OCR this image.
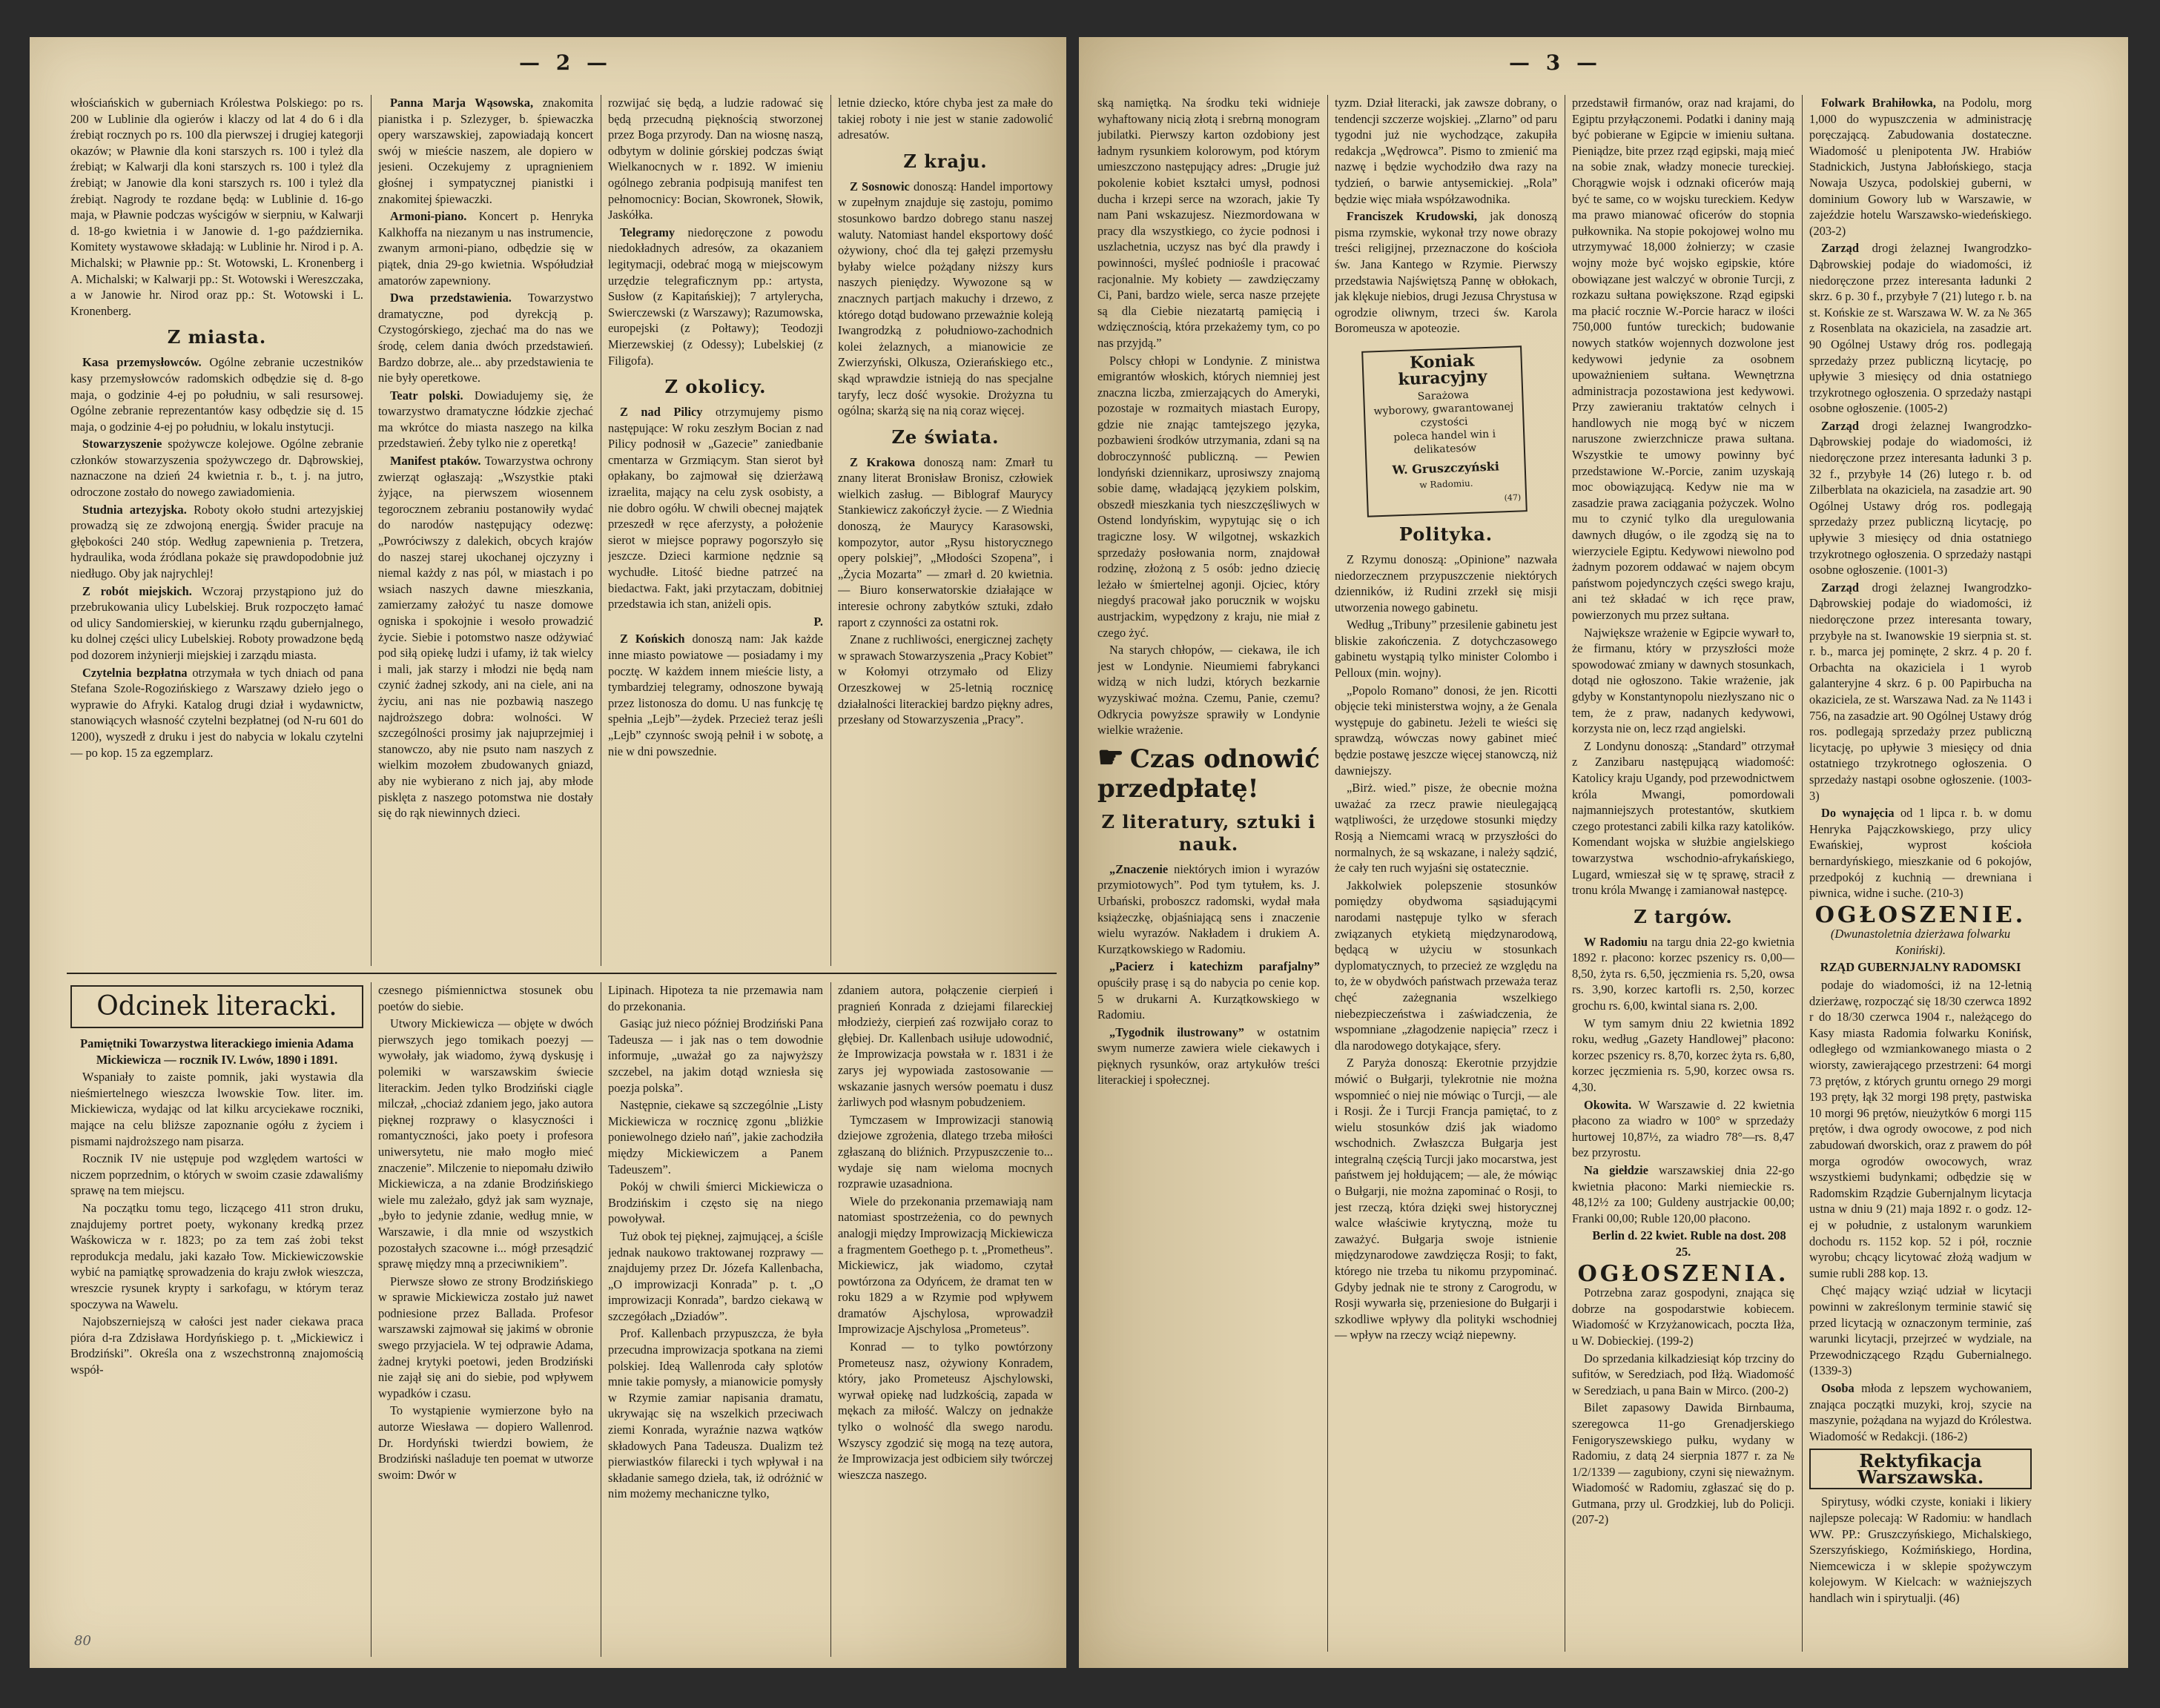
— 2 —

włościańskich w guberniach Królestwa Polskiego: po rs. 200 w Lublinie dla ogierów i klaczy od lat 4 do 6 i dla źrebiąt rocznych po rs. 100 dla pierwszej i drugiej kategorji okazów; w Pławnie dla koni starszych rs. 100 i tyleż dla źrebiąt; w Kalwarji dla koni starszych rs. 100 i tyleż dla źrebiąt; w Janowie dla koni starszych rs. 100 i tyleż dla źrebiąt. Nagrody te rozdane będą: w Lublinie d. 16-go maja, w Pławnie podczas wyścigów w sierpniu, w Kalwarji d. 18-go kwietnia i w Janowie d. 1-go października. Komitety wystawowe składają: w Lublinie hr. Nirod i p. A. Michalski; w Pławnie pp.: St. Wotowski, L. Kronenberg i A. Michalski; w Kalwarji pp.: St. Wotowski i Wereszczaka, a w Janowie hr. Nirod oraz pp.: St. Wotowski i L. Kronenberg.

Z miasta.

Kasa przemysłowców. Ogólne zebranie uczestników kasy przemysłowców radomskich odbędzie się d. 8-go maja, o godzinie 4-ej po południu, w sali resursowej. Ogólne zebranie reprezentantów kasy odbędzie się d. 15 maja, o godzinie 4-ej po południu, w lokalu instytucji.

Stowarzyszenie spożywcze kolejowe. Ogólne zebranie członków stowarzyszenia spożywczego dr. Dąbrowskiej, naznaczone na dzień 24 kwietnia r. b., t. j. na jutro, odroczone zostało do nowego zawiadomienia.

Studnia artezyjska. Roboty około studni artezyjskiej prowadzą się ze zdwojoną energją. Świder pracuje na głębokości 240 stóp. Według zapewnienia p. Tretzera, hydraulika, woda źródlana pokaże się prawdopodobnie już niedługo. Oby jak najrychlej!

Z robót miejskich. Wczoraj przystąpiono już do przebrukowania ulicy Lubelskiej. Bruk rozpoczęto łamać od ulicy Sandomierskiej, w kierunku rządu gubernjalnego, ku dolnej części ulicy Lubelskiej. Roboty prowadzone będą pod dozorem inżynierji miejskiej i zarządu miasta.

Czytelnia bezpłatna otrzymała w tych dniach od pana Stefana Szole-Rogozińskiego z Warszawy dzieło jego o wyprawie do Afryki. Katalog drugi dział i wydawnictw, stanowiących własność czytelni bezpłatnej (od N-ru 601 do 1200), wyszedł z druku i jest do nabycia w lokalu czytelni — po kop. 15 za egzemplarz.

Panna Marja Wąsowska, znakomita pianistka i p. Szlezyger, b. śpiewaczka opery warszawskiej, zapowiadają koncert swój w mieście naszem, ale dopiero w jesieni. Oczekujemy z upragnieniem głośnej i sympatycznej pianistki i znakomitej śpiewaczki.

Armoni-piano. Koncert p. Henryka Kalkhoffa na niezanym u nas instrumencie, zwanym armoni-piano, odbędzie się w piątek, dnia 29-go kwietnia. Współudział amatorów zapewniony.

Dwa przedstawienia. Towarzystwo dramatyczne, pod dyrekcją p. Czystogórskiego, zjechać ma do nas we środę, celem dania dwóch przedstawień. Bardzo dobrze, ale... aby przedstawienia te nie były operetkowe.

Teatr polski. Dowiadujemy się, że towarzystwo dramatyczne łódzkie zjechać ma wkrótce do miasta naszego na kilka przedstawień. Żeby tylko nie z operetką!

Manifest ptaków. Towarzystwa ochrony zwierząt ogłaszają: „Wszystkie ptaki żyjące, na pierwszem wiosennem tegorocznem zebraniu postanowiły wydać do narodów następujący odezwę: „Powróciwszy z dalekich, obcych krajów do naszej starej ukochanej ojczyzny i niemal każdy z nas pól, w miastach i po wsiach naszych dawne mieszkania, zamierzamy założyć tu nasze domowe ogniska i spokojnie i wesoło prowadzić życie. Siebie i potomstwo nasze odżywiać pod siłą opiekę ludzi i ufamy, iż tak wielcy i mali, jak starzy i młodzi nie będą nam czynić żadnej szkody, ani na ciele, ani na życiu, ani nas nie pozbawią naszego najdroższego dobra: wolności. W szczególności prosimy jak najuprzejmiej i stanowczo, aby nie psuto nam naszych z wielkim mozołem zbudowanych gniazd, aby nie wybierano z nich jaj, aby młode pisklęta z naszego potomstwa nie dostały się do rąk niewinnych dzieci.

rozwijać się będą, a ludzie radować się będą przecudną pięknością stworzonej przez Boga przyrody. Dan na wiosnę naszą, odbytym w dolinie górskiej podczas świąt Wielkanocnych w r. 1892. W imieniu ogólnego zebrania podpisują manifest ten pełnomocnicy: Bocian, Skowronek, Słowik, Jaskółka.

Telegramy niedoręczone z powodu niedokładnych adresów, za okazaniem legitymacji, odebrać mogą w miejscowym urzędzie telegraficznym pp.: artysta, Susłow (z Kapitańskiej); 7 artylerycha, Swierczewski (z Warszawy); Razumowska, europejski (z Połtawy); Teodozji Mierzewskiej (z Odessy); Lubelskiej (z Filigofa).

Z okolicy.

Z nad Pilicy otrzymujemy pismo następujące: W roku zeszłym Bocian z nad Pilicy podnosił w „Gazecie” zaniedbanie cmentarza w Grzmiącym. Stan sierot był opłakany, bo zajmował się dzierżawą izraelita, mający na celu zysk osobisty, a nie dobro ogółu. W chwili obecnej majątek przeszedł w ręce aferzysty, a położenie sierot w miejsce poprawy pogorszyło się jeszcze. Dzieci karmione nędznie są wychudłe. Litość biedne patrzeć na biedactwa. Fakt, jaki przytaczam, dobitniej przedstawia ich stan, aniżeli opis.

P.

Z Końskich donoszą nam: Jak każde inne miasto powiatowe — posiadamy i my pocztę. W każdem innem mieście listy, a tymbardziej telegramy, odnoszone bywają przez listonosza do domu. U nas funkcję tę spełnia „Lejb”—żydek. Przecież teraz jeśli „Lejb” czynnośc swoją pełnił i w sobotę, a nie w dni powszednie.

letnie dziecko, które chyba jest za małe do takiej roboty i nie jest w stanie zadowolić adresatów.

Z kraju.

Z Sosnowic donoszą: Handel importowy w zupełnym znajduje się zastoju, pomimo stosunkowo bardzo dobrego stanu naszej waluty. Natomiast handel eksportowy dość ożywiony, choć dla tej gałęzi przemysłu byłaby wielce pożądany niższy kurs naszych pieniędzy. Wywozone są w znacznych partjach makuchy i drzewo, z którego dotąd budowano przeważnie koleją Iwangrodzką z południowo-zachodnich kolei żelaznych, a mianowicie ze Zwierzyński, Olkusza, Ozierańskiego etc., skąd wprawdzie istnieją do nas specjalne taryfy, lecz dość wysokie. Drożyzna tu ogólna; skarżą się na nią coraz więcej.

Ze świata.

Z Krakowa donoszą nam: Zmarł tu znany literat Bronisław Bronisz, człowiek wielkich zasług. — Biblograf Maurycy Stankiewicz zakończył życie. — Z Wiednia donoszą, że Maurycy Karasowski, kompozytor, autor „Rysu historycznego opery polskiej”, „Młodości Szopena”, i „Życia Mozarta” — zmarł d. 20 kwietnia. — Biuro konserwatorskie działające w interesie ochrony zabytków sztuki, zdało raport z czynności za ostatni rok.

Znane z ruchliwości, energicznej zachęty w sprawach Stowarzyszenia „Pracy Kobiet” w Kołomyi otrzymało od Elizy Orzeszkowej w 25-letnią rocznicę działalności literackiej bardzo piękny adres, przesłany od Stowarzyszenia „Pracy”.

Odcinek literacki.

Pamiętniki Towarzystwa literackiego imienia Adama Mickiewicza — rocznik IV. Lwów, 1890 i 1891.

Wspaniały to zaiste pomnik, jaki wystawia dla nieśmiertelnego wieszcza lwowskie Tow. liter. im. Mickiewicza, wydając od lat kilku arcyciekawe roczniki, mające na celu bliższe zapoznanie ogółu z życiem i pismami najdroższego nam pisarza.

Rocznik IV nie ustępuje pod względem wartości w niczem poprzednim, o których w swoim czasie zdawaliśmy sprawę na tem miejscu.

Na początku tomu tego, liczącego 411 stron druku, znajdujemy portret poety, wykonany kredką przez Waśkowicza w r. 1823; po za tem zaś żobi tekst reprodukcja medalu, jaki kazało Tow. Mickiewiczowskie wybić na pamiątkę sprowadzenia do kraju zwłok wieszcza, wreszcie rysunek krypty i sarkofagu, w którym teraz spoczywa na Wawelu.

Najobszerniejszą w całości jest nader ciekawa praca pióra d-ra Zdzisława Hordyńskiego p. t. „Mickiewicz i Brodziński”. Określa ona z wszechstronną znajomością współ-

czesnego piśmiennictwa stosunek obu poetów do siebie.

Utwory Mickiewicza — objęte w dwóch pierwszych jego tomikach poezyj — wywołały, jak wiadomo, żywą dyskusję i polemiki w warszawskim świecie literackim. Jeden tylko Brodziński ciągle milczał, „chociaż zdaniem jego, jako autora pięknej rozprawy o klasyczności i romantyczności, jako poety i profesora uniwersytetu, nie mało mogło mieć znaczenie”. Milczenie to niepomału dziwiło Mickiewicza, a na zdanie Brodzińskiego wiele mu zależało, gdyż jak sam wyznaje, „było to jedynie zdanie, według mnie, w Warszawie, i dla mnie od wszystkich pozostałych szacowne i... mógł przesądzić sprawę między mną a przeciwnikiem”.

Pierwsze słowo ze strony Brodzińskiego w sprawie Mickiewicza zostało już nawet podniesione przez Ballada. Profesor warszawski zajmował się jakimś w obronie swego przyjaciela. W tej odprawie Adama, żadnej krytyki poetowi, jeden Brodziński nie zajął się ani do siebie, pod wpływem wypadków i czasu.

To wystąpienie wymierzone było na autorze Wiesława — dopiero Wallenrod. Dr. Hordyński twierdzi bowiem, że Brodziński naśladuje ten poemat w utworze swoim: Dwór w

Lipinach. Hipoteza ta nie przemawia nam do przekonania.

Gasiąc już nieco później Brodziński Pana Tadeusza — i jak nas o tem dowodnie informuje, „uważał go za najwyższy szczebel, na jakim dotąd wzniesła się poezja polska”.

Następnie, ciekawe są szczególnie „Listy Mickiewicza w rocznicę zgonu „bliżkie poniewolnego dzieło nań”, jakie zachodziła między Mickiewiczem a Panem Tadeuszem”.

Pokój w chwili śmierci Mickiewicza o Brodzińskim i często się na niego powoływał.

Tuż obok tej pięknej, zajmującej, a ściśle jednak naukowo traktowanej rozprawy — znajdujemy przez Dr. Józefa Kallenbacha, „O improwizacji Konrada” p. t. „O improwizacji Konrada”, bardzo ciekawą w szczegółach „Dziadów”.

Prof. Kallenbach przypuszcza, że była przecudna improwizacja spotkana na ziemi polskiej. Ideą Wallenroda cały splotów mnie takie pomysły, a mianowicie pomysły w Rzymie zamiar napisania dramatu, ukrywając się na wszelkich przeciwach ziemi Konrada, wyraźnie nazwa wątków składowych Pana Tadeusza. Dualizm też pierwiastków filarecki i tych wpływał i na składanie samego dzieła, tak, iż odróżnić w nim możemy mechaniczne tylko,

zdaniem autora, połączenie cierpień i pragnień Konrada z dziejami filareckiej młodzieży, cierpień zaś rozwijało coraz to głębiej. Dr. Kallenbach usiłuje udowodnić, że Improwizacja powstała w r. 1831 i że zarys jej wypowiada zastosowanie — wskazanie jasnych wersów poematu i dusz żarliwych pod własnym pobudzeniem.

Tymczasem w Improwizacji stanowią dziejowe zgrożenia, dlatego trzeba miłości zgłaszaną do bliźnich. Przypuszczenie to... wydaje się nam wieloma mocnych rozprawie uzasadniona.

Wiele do przekonania przemawiają nam natomiast spostrzeżenia, co do pewnych analogji między Improwizacją Mickiewicza a fragmentem Goethego p. t. „Prometheus”. Mickiewicz, jak wiadomo, czytał powtórzona za Odyńcem, że dramat ten w roku 1829 a w Rzymie pod wpływem dramatów Ajschylosa, wprowadził Improwizacje Ajschylosa „Prometeus”.

Konrad — to tylko powtórzony Prometeusz nasz, ożywiony Konradem, który, jako Prometeusz Ajschylowski, wyrwał opiekę nad ludzkością, zapada w mękach za miłość. Walczy on jednakże tylko o wolność dla swego narodu. Wszyscy zgodzić się mogą na tezę autora, że Improwizacja jest odbiciem siły twórczej wieszcza naszego.

80
— 3 —

ską namiętką. Na środku teki widnieje wyhaftowany nicią złotą i srebrną monogram jubilatki. Pierwszy karton ozdobiony jest ładnym rysunkiem kolorowym, pod którym umieszczono następujący adres: „Drugie już pokolenie kobiet kształci umysł, podnosi ducha i krzepi serce na wzorach, jakie Ty nam Pani wskazujesz. Niezmordowana w pracy dla wszystkiego, co życie podnosi i uszlachetnia, uczysz nas być dla prawdy i powinności, myśleć podniośle i pracować racjonalnie. My kobiety — zawdzięczamy Ci, Pani, bardzo wiele, serca nasze przejęte są dla Ciebie niezatartą pamięcią i wdzięcznością, która przekażemy tym, co po nas przyjdą.”

Polscy chłopi w Londynie. Z ministwa emigrantów włoskich, których niemniej jest znaczna liczba, zmierzających do Ameryki, pozostaje w rozmaitych miastach Europy, gdzie nie znając tamtejszego języka, pozbawieni środków utrzymania, zdani są na dobroczynność publiczną. — Pewien londyński dziennikarz, uprosiwszy znajomą sobie damę, władającą językiem polskim, obszedł mieszkania tych nieszczęśliwych w Ostend londyńskim, wypytując się o ich tragiczne losy. W wilgotnej, wskazkich sprzedaży posłowania norm, znajdował rodzinę, złożoną z 5 osób: jedno dziecię leżało w śmiertelnej agonji. Ojciec, który niegdyś pracował jako porucznik w wojsku austrjackim, wypędzony z kraju, nie miał z czego żyć.

Na starych chłopów, — ciekawa, ile ich jest w Londynie. Nieumiemi fabrykanci widzą w nich ludzi, których bezkarnie wyzyskiwać można. Czemu, Panie, czemu? Odkrycia powyższe sprawiły w Londynie wielkie wrażenie.

☛ Czas odnowić przedpłatę!
Z literatury, sztuki i nauk.

„Znaczenie niektórych imion i wyrazów przymiotowych”. Pod tym tytułem, ks. J. Urbański, proboszcz radomski, wydał mała książeczkę, objaśniającą sens i znaczenie wielu wyrazów. Nakładem i drukiem A. Kurzątkowskiego w Radomiu.

„Pacierz i katechizm parafjalny” opuściły prasę i są do nabycia po cenie kop. 5 w drukarni A. Kurzątkowskiego w Radomiu.

„Tygodnik ilustrowany” w ostatnim swym numerze zawiera wiele ciekawych i pięknych rysunków, oraz artykułów treści literackiej i społecznej.

tyzm. Dział literacki, jak zawsze dobrany, o tendencji szczerze wojskiej. „Zlarno” od paru tygodni już nie wychodzące, zakupiła redakcja „Wędrowca”. Pismo to zmienić ma nazwę i będzie wychodziło dwa razy na tydzień, o barwie antysemickiej. „Rola” będzie więc miała współzawodnika.

Franciszek Krudowski, jak donoszą pisma rzymskie, wykonał trzy nowe obrazy treści religijnej, przeznaczone do kościoła św. Jana Kantego w Rzymie. Pierwszy przedstawia Najświętszą Pannę w obłokach, jak klękuje niebios, drugi Jezusa Chrystusa w ogrodzie oliwnym, trzeci św. Karola Boromeusza w apoteozie.

Koniak kuracyjny
Sarażowa
wyborowy, gwarantowanej czystości
poleca handel win i delikatesów
W. Gruszczyński
w Radomiu.
(47)
Polityka.

Z Rzymu donoszą: „Opinione” nazwała niedorzecznem przypuszczenie niektórych dzienników, iż Rudini zrzekł się misji utworzenia nowego gabinetu.

Według „Tribuny” przesilenie gabinetu jest bliskie zakończenia. Z dotychczasowego gabinetu wystąpią tylko minister Colombo i Pelloux (min. wojny).

„Popolo Romano” donosi, że jen. Ricotti objęcie teki ministerstwa wojny, a że Genala występuje do gabinetu. Jeżeli te wieści się sprawdzą, wówczas nowy gabinet mieć będzie postawę jeszcze więcej stanowczą, niż dawniejszy.

„Birż. wied.” pisze, że obecnie można uważać za rzecz prawie nieulegającą wątpliwości, że urzędowe stosunki między Rosją a Niemcami wracą w przyszłości do normalnych, że są wskazane, i należy sądzić, że cały ten ruch wyjaśni się ostatecznie.

Jakkolwiek polepszenie stosunków pomiędzy obydwoma sąsiadującymi narodami następuje tylko w sferach związanych etykietą międzynarodową, będącą w użyciu w stosunkach dyplomatycznych, to przecież ze względu na to, że w obydwóch państwach przeważa teraz chęć zażegnania wszelkiego niebezpieczeństwa i zaświadczenia, że wspomniane „złagodzenie napięcia” rzecz i dla narodowego dotykające, sfery.

Z Paryża donoszą: Ekerotnie przyjdzie mówić o Bułgarji, tylekrotnie nie można wspomnieć o niej nie mówiąc o Turcji, — ale i Rosji. Że i Turcji Francja pamiętać, to z wielu stosunków dziś jak wiadomo wschodnich. Zwłaszcza Bułgarja jest integralną częścią Turcji jako mocarstwa, jest państwem jej hołdującem; — ale, że mówiąc o Bułgarji, nie można zapominać o Rosji, to jest rzeczą, która dzięki swej historycznej walce właściwie krytyczną, może tu zaważyć. Bułgarja swoje istnienie międzynarodowe zawdzięcza Rosji; to fakt, którego nie trzeba tu nikomu przypominać. Gdyby jednak nie te strony z Carogrodu, w Rosji wywarła się, przeniesione do Bułgarji i szkodliwe wpływy dla polityki wschodniej — wpływ na rzeczy wciąż niepewny.

przedstawił firmanów, oraz nad krajami, do Egiptu przyłączonemi. Podatki i daniny mają być pobierane w Egipcie w imieniu sułtana. Pieniądze, bite przez rząd egipski, mają mieć na sobie znak, władzy monecie tureckiej. Chorągwie wojsk i odznaki oficerów mają być te same, co w wojsku tureckiem. Kedyw ma prawo mianować oficerów do stopnia pułkownika. Na stopie pokojowej wolno mu utrzymywać 18,000 żołnierzy; w czasie wojny może być wojsko egipskie, które obowiązane jest walczyć w obronie Turcji, z rozkazu sułtana powiększone. Rząd egipski ma płacić rocznie W.-Porcie haracz w ilości 750,000 funtów tureckich; budowanie nowych statków wojennych dozwolone jest kedywowi jedynie za osobnem upoważnieniem sułtana. Wewnętrzna administracja pozostawiona jest kedywowi. Przy zawieraniu traktatów celnych i handlowych nie mogą być w niczem naruszone zwierzchnicze prawa sułtana. Wszystkie te umowy powinny być przedstawione W.-Porcie, zanim uzyskają moc obowiązującą. Kedyw nie ma w zasadzie prawa zaciągania pożyczek. Wolno mu to czynić tylko dla uregulowania dawnych długów, o ile zgodzą się na to wierzyciele Egiptu. Kedywowi niewolno pod żadnym pozorem oddawać w najem obcym państwom pojedynczych części swego kraju, ani też składać w ich ręce praw, powierzonych mu przez sułtana.

Największe wrażenie w Egipcie wywarł to, że firmanu, który w przyszłości może spowodować zmiany w dawnych stosunkach, dotąd nie ogłoszono. Takie wrażenie, jak gdyby w Konstantynopolu niezłyszano nic o tem, że z praw, nadanych kedywowi, korzysta nie on, lecz rząd angielski.

Z Londynu donoszą: „Standard” otrzymał z Zanzibaru następującą wiadomość: Katolicy kraju Ugandy, pod przewodnictwem króla Mwangi, pomordowali najmanniejszych protestantów, skutkiem czego protestanci zabili kilka razy katolików. Komendant wojska w służbie angielskiego towarzystwa wschodnio-afrykańskiego, Lugard, wmieszał się w tę sprawę, stracił z tronu króla Mwangę i zamianował następcę.

Z targów.

W Radomiu na targu dnia 22-go kwietnia 1892 r. płacono: korzec pszenicy rs. 0,00—8,50, żyta rs. 6,50, jęczmienia rs. 5,20, owsa rs. 3,90, korzec kartofli rs. 2,50, korzec grochu rs. 6,00, kwintal siana rs. 2,00.

W tym samym dniu 22 kwietnia 1892 roku, według „Gazety Handlowej” płacono: korzec pszenicy rs. 8,70, korzec żyta rs. 6,80, korzec jęczmienia rs. 5,90, korzec owsa rs. 4,30.

Okowita. W Warszawie d. 22 kwietnia płacono za wiadro w 100° w sprzedaży hurtowej 10,87½, za wiadro 78°—rs. 8,47 bez przyrostu.

Na giełdzie warszawskiej dnia 22-go kwietnia płacono: Marki niemieckie rs. 48,12½ za 100; Guldeny austrjackie 00,00; Franki 00,00; Ruble 120,00 płacono.

Berlin d. 22 kwiet. Ruble na dost. 208 25.

OGŁOSZENIA.

Potrzebna zaraz gospodyni, znająca się dobrze na gospodarstwie kobiecem. Wiadomość w Krzyżanowicach, poczta Iłża, u W. Dobieckiej. (199-2)

Do sprzedania kilkadziesiąt kóp trzciny do sufitów, w Seredziach, pod Iłżą. Wiadomość w Seredziach, u pana Bain w Mirco. (200-2)

Bilet zapasowy Dawida Birnbauma, szeregowca 11-go Grenadjerskiego Fenigoryszewskiego pułku, wydany w Radomiu, z datą 24 sierpnia 1877 r. za № 1/2/1339 — zagubiony, czyni się nieważnym. Wiadomość w Radomiu, zgłaszać się do p. Gutmana, przy ul. Grodzkiej, lub do Policji. (207-2)

Folwark Brahiłowka, na Podolu, morg 1,000 do wypuszczenia w administrację poręczającą. Zabudowania dostateczne. Wiadomość u plenipotenta JW. Hrabiów Stadnickich, Justyna Jabłońskiego, stacja Nowaja Uszyca, podolskiej guberni, w dominium Gowory lub w Warszawie, w zajeździe hotelu Warszawsko-wiedeńskiego. (203-2)

Zarząd drogi żelaznej Iwangrodzko-Dąbrowskiej podaje do wiadomości, iż niedoręczone przez interesanta ładunki 2 skrz. 6 p. 30 f., przybyłe 7 (21) lutego r. b. na st. Końskie ze st. Warszawa W. W. za № 365 z Rosenblata na okaziciela, na zasadzie art. 90 Ogólnej Ustawy dróg ros. podlegają sprzedaży przez publiczną licytację, po upływie 3 miesięcy od dnia ostatniego trzykrotnego ogłoszenia. O sprzedaży nastąpi osobne ogłoszenie. (1005-2)

Zarząd drogi żelaznej Iwangrodzko-Dąbrowskiej podaje do wiadomości, iż niedoręczone przez interesanta ładunki 3 p. 32 f., przybyłe 14 (26) lutego r. b. od Zilberblata na okaziciela, na zasadzie art. 90 Ogólnej Ustawy dróg ros. podlegają sprzedaży przez publiczną licytację, po upływie 3 miesięcy od dnia ostatniego trzykrotnego ogłoszenia. O sprzedaży nastąpi osobne ogłoszenie. (1001-3)

Zarząd drogi żelaznej Iwangrodzko-Dąbrowskiej podaje do wiadomości, iż niedoręczone przez interesanta towary, przybyłe na st. Iwanowskie 19 sierpnia st. st. r. b., marca jej pominęte, 2 skrz. 4 p. 20 f. Orbachta na okaziciela i 1 wyrob galanteryjne 4 skrz. 6 p. 00 Papirbucha na okaziciela, ze st. Warszawa Nad. za № 1143 i 756, na zasadzie art. 90 Ogólnej Ustawy dróg ros. podlegają sprzedaży przez publiczną licytację, po upływie 3 miesięcy od dnia ostatniego trzykrotnego ogłoszenia. O sprzedaży nastąpi osobne ogłoszenie. (1003-3)

Do wynajęcia od 1 lipca r. b. w domu Henryka Pajączkowskiego, przy ulicy Ewańskiej, wyprost kościoła bernardyńskiego, mieszkanie od 6 pokojów, przedpokój z kuchnią — drewniana i piwnica, widne i suche. (210-3)

OGŁOSZENIE.

(Dwunastoletnia dzierżawa folwarku Koniński).

RZĄD GUBERNJALNY RADOMSKI

podaje do wiadomości, iż na 12-letnią dzierżawę, rozpocząć się 18/30 czerwca 1892 r do 18/30 czerwca 1904 r., należącego do Kasy miasta Radomia folwarku Konińsk, odległego od wzmiankowanego miasta o 2 wiorsty, zawierającego przestrzeni: 64 morgi 73 prętów, z których gruntu ornego 29 morgi 193 pręty, łąk 32 morgi 198 pręty, pastwiska 10 morgi 96 prętów, nieużytków 6 morgi 115 prętów, i dwa ogrody owocowe, z pod nich zabudowań dworskich, oraz z prawem do pół morga ogrodów owocowych, wraz wszystkiemi budynkami; odbędzie się w Radomskim Rządzie Gubernjalnym licytacja ustna w dniu 9 (21) maja 1892 r. o godz. 12-ej w południe, z ustalonym warunkiem dochodu rs. 1152 kop. 52 i pół, rocznie wyrobu; chcący licytować złożą wadjum w sumie rubli 288 kop. 13.

Chęć mający wziąć udział w licytacji powinni w zakreślonym terminie stawić się przed licytacją w oznaczonym terminie, zaś warunki licytacji, przejrzeć w wydziale, na Przewodniczącego Rządu Gubernialnego. (1339-3)

Osoba młoda z lepszem wychowaniem, znająca początki muzyki, kroj, szycie na maszynie, pożądana na wyjazd do Królestwa. Wiadomość w Redakcji. (186-2)

Rektyfikacja Warszawska.

Spirytusy, wódki czyste, koniaki i likiery najlepsze polecają: W Radomiu: w handlach WW. PP.: Gruszczyńskiego, Michalskiego, Szerszyńskiego, Koźmińskiego, Hordina, Niemcewicza i w sklepie spożywczym kolejowym. W Kielcach: w ważniejszych handlach win i spirytualji. (46)
